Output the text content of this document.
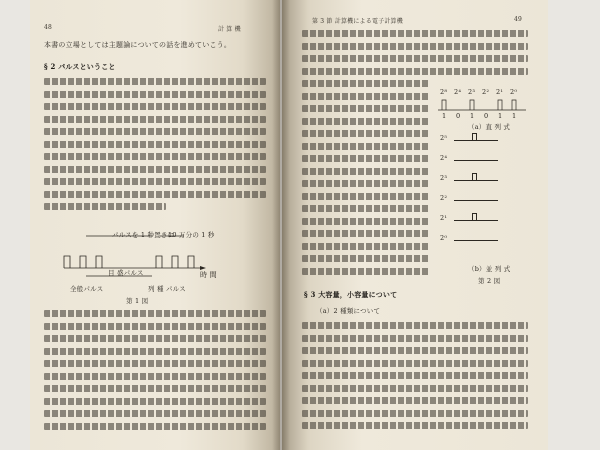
48	計 算 機
本書の立場としては主題論についての話を進めていこう。
§ 2 パルスということ
パルスを 1 秒置きに
10 万分の 1 秒
目 盛パルス	時 間
全般パルス	列 種 パルス
第 1 図
第 3 節 計算機による電子計算機	49
2⁸ 2⁴ 2³ 2² 2¹ 2⁰
1 0 1 0 1 1
（a）直 列 式
2⁵
2⁴
2³
2²
2¹
2⁰
（b）並 列 式
第 2 図
§ 3 大容量，小容量について
（a）2 種類について
